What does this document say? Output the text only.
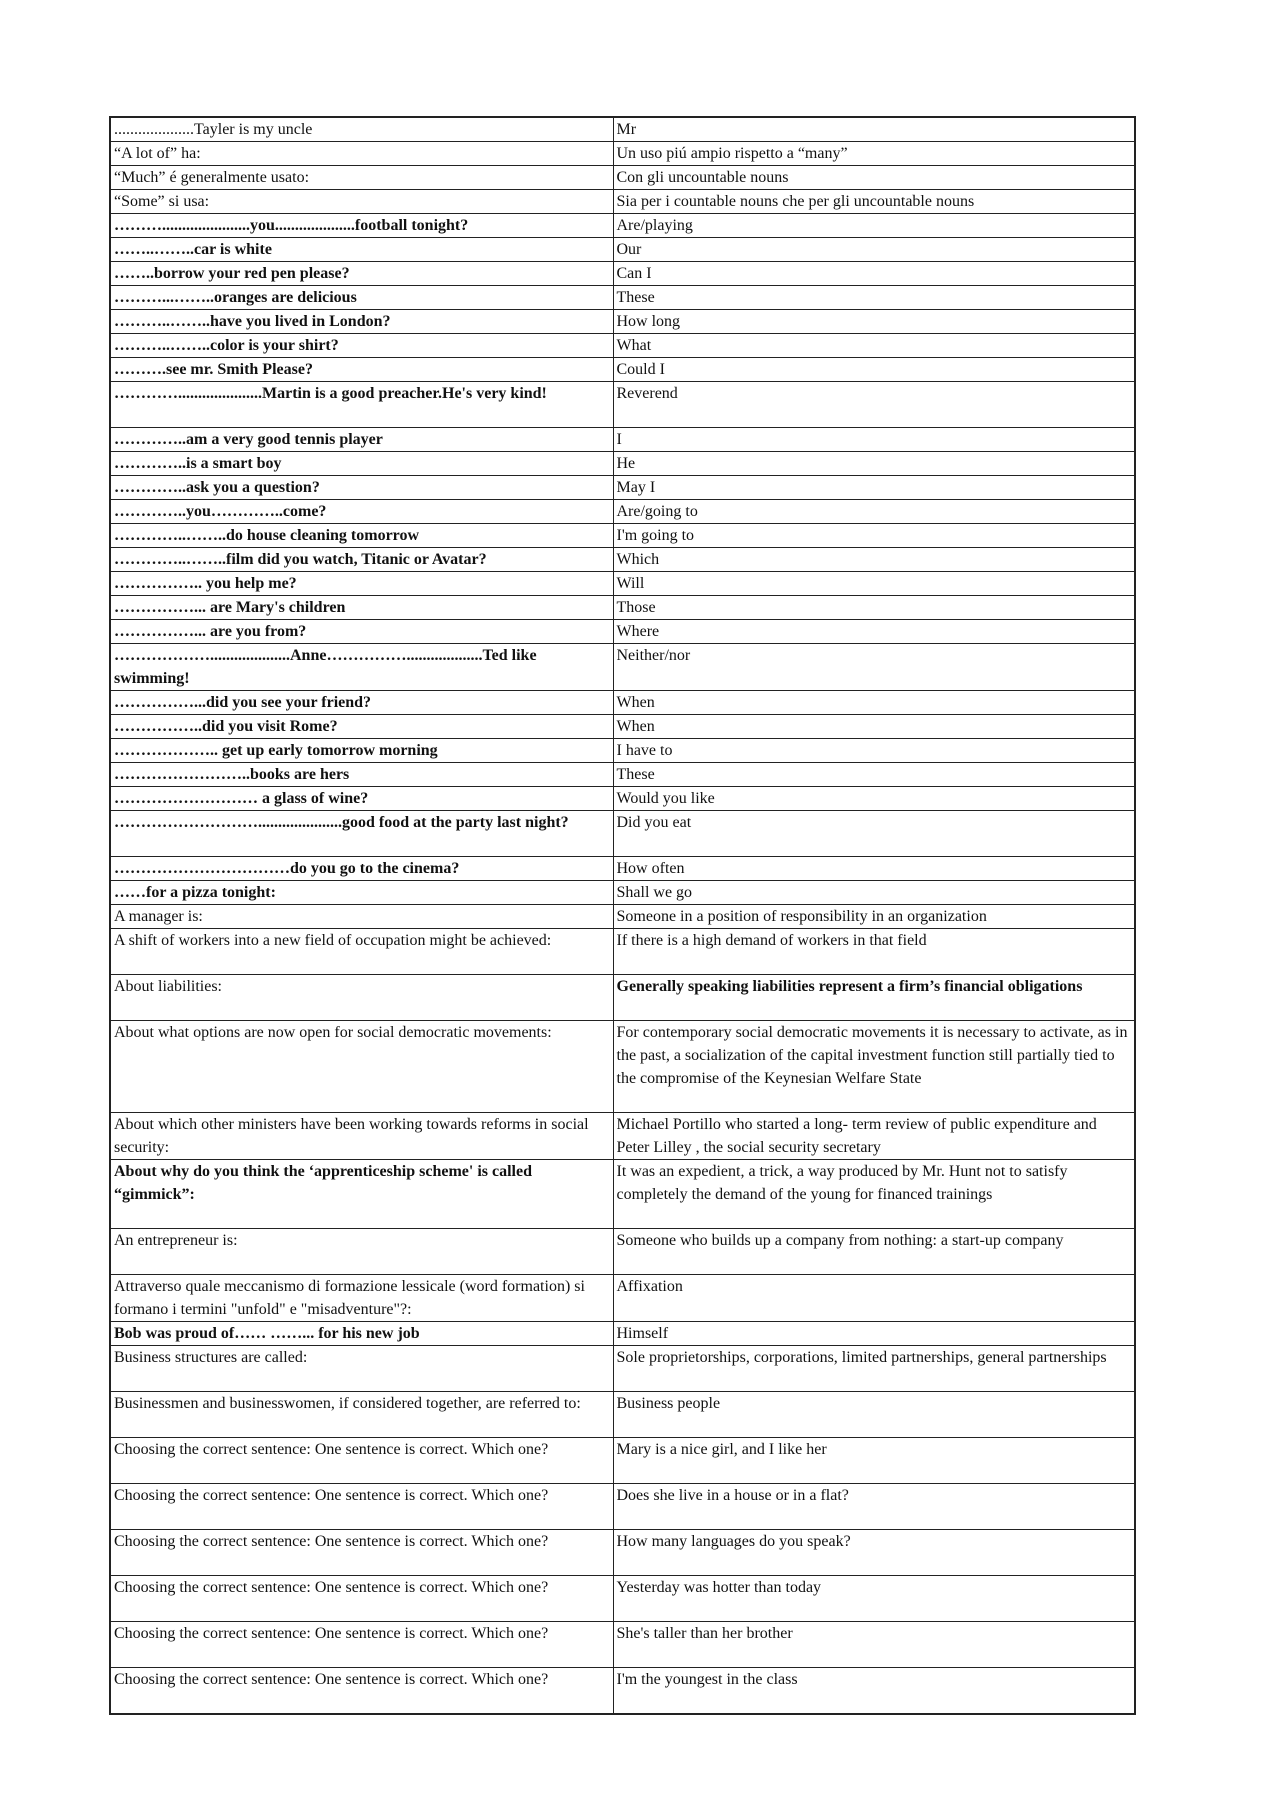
....................Tayler is my uncle	Mr
“A lot of” ha:	Un uso piú ampio rispetto a “many”
“Much” é generalmente usato:	Con gli uncountable nouns
“Some” si usa:	Sia per i countable nouns che per gli uncountable nouns
………......................you....................football tonight?	Are/playing
……..……..car is white	Our
……..borrow your red pen please?	Can I
………...……..oranges are delicious	These
………..……..have you lived in London?	How long
………..……..color is your shirt?	What
……….see mr. Smith Please?	Could I
………….....................Martin is a good preacher.He's very kind!	Reverend
…………..am a very good tennis player	I
…………..is a smart boy	He
…………..ask you a question?	May I
…………..you…………..come?	Are/going to
…………..……..do house cleaning tomorrow	I'm going to
…………..……..film did you watch, Titanic or Avatar?	Which
…………….. you help me?	Will
……………... are Mary's children	Those
……………... are you from?	Where
………………....................Anne……………...................Ted like swimming!	Neither/nor
……………...did you see your friend?	When
……………..did you visit Rome?	When
……………….. get up early tomorrow morning	I have to
……………………..books are hers	These
……………………… a glass of wine?	Would you like
……………………….....................good food at the party last night?	Did you eat
……………………………do you go to the cinema?	How often
……for a pizza tonight:	Shall we go
A manager is:	Someone in a position of responsibility in an organization
A shift of workers into a new field of occupation might be achieved:	If there is a high demand of workers in that field
About liabilities:	Generally speaking liabilities represent a firm’s financial obligations
About what options are now open for social democratic movements:	For contemporary social democratic movements it is necessary to activate, as in the past, a socialization of the capital investment function still partially tied to the compromise of the Keynesian Welfare State
About which other ministers have been working towards reforms in social security:	Michael Portillo who started a long- term review of public expenditure and Peter Lilley , the social security secretary
About why do you think the ‘apprenticeship scheme' is called “gimmick”:	It was an expedient, a trick, a way produced by Mr. Hunt not to satisfy completely the demand of the young for financed trainings
An entrepreneur is:	Someone who builds up a company from nothing: a start-up company
Attraverso quale meccanismo di formazione lessicale (word formation) si formano i termini "unfold" e "misadventure"?:	Affixation
Bob was proud of…… ……... for his new job	Himself
Business structures are called:	Sole proprietorships, corporations, limited partnerships, general partnerships
Businessmen and businesswomen, if considered together, are referred to:	Business people
Choosing the correct sentence: One sentence is correct. Which one?	Mary is a nice girl, and I like her
Choosing the correct sentence: One sentence is correct. Which one?	Does she live in a house or in a flat?
Choosing the correct sentence: One sentence is correct. Which one?	How many languages do you speak?
Choosing the correct sentence: One sentence is correct. Which one?	Yesterday was hotter than today
Choosing the correct sentence: One sentence is correct. Which one?	She's taller than her brother
Choosing the correct sentence: One sentence is correct. Which one?	I'm the youngest in the class
